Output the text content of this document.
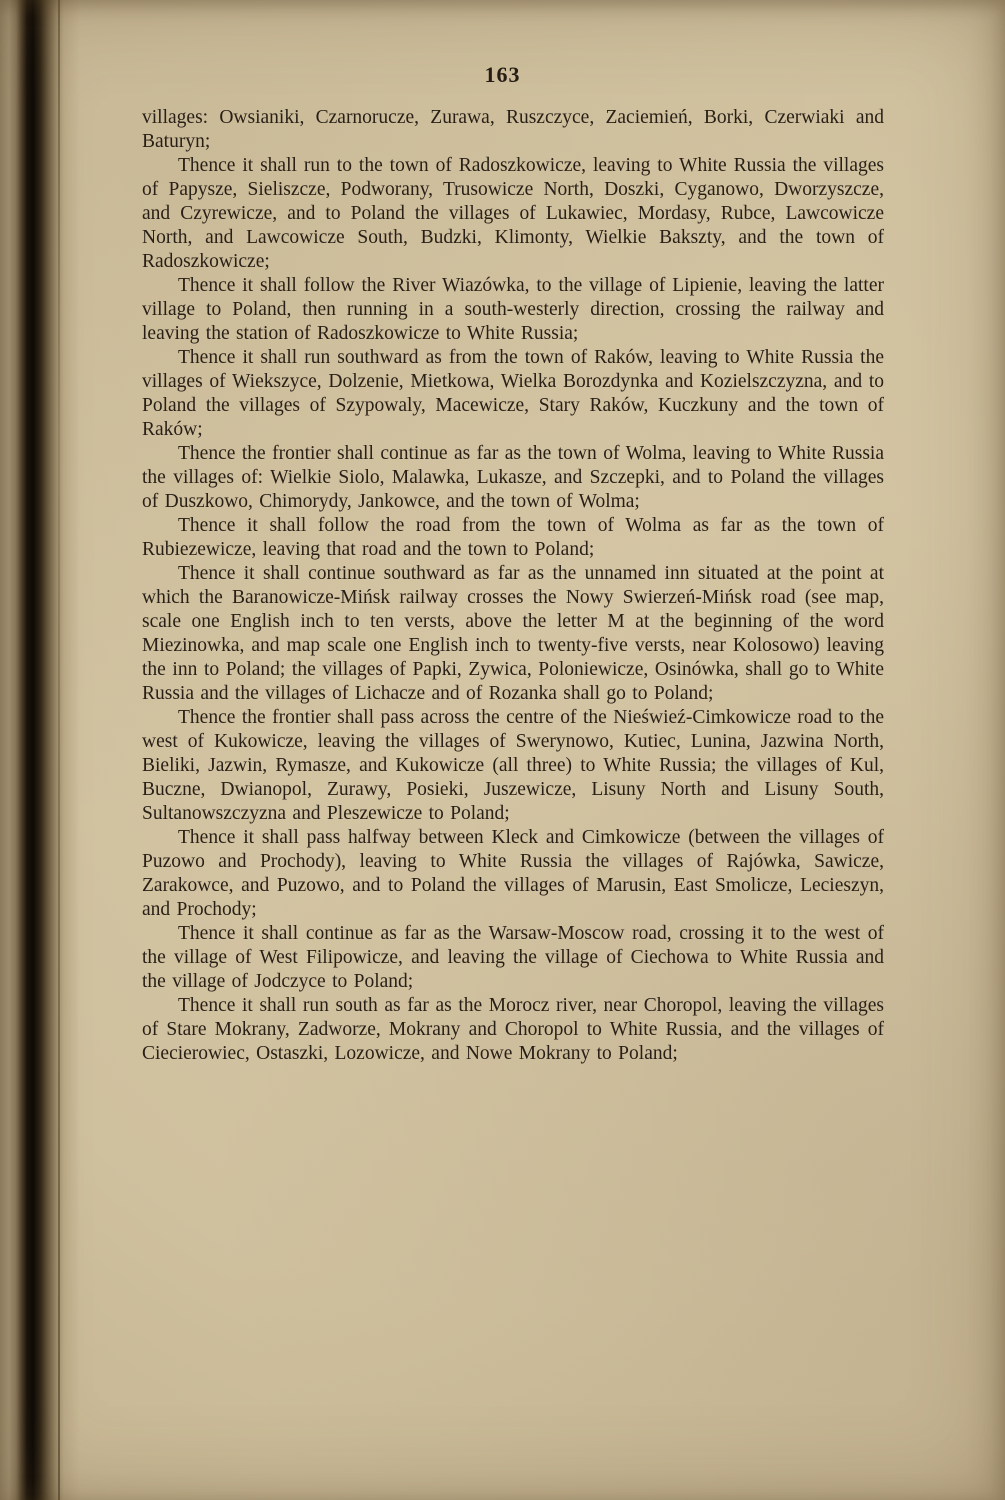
163

villages: Owsianiki, Czarnorucze, Zurawa, Ruszczyce, Zaciemień, Borki, Czerwiaki and Baturyn;

Thence it shall run to the town of Radoszkowicze, leaving to White Russia the villages of Papysze, Sieliszcze, Podworany, Trusowicze North, Doszki, Cyganowo, Dworzyszcze, and Czyrewicze, and to Poland the villages of Lukawiec, Mordasy, Rubce, Lawcowicze North, and Lawcowicze South, Budzki, Klimonty, Wielkie Bakszty, and the town of Radoszkowicze;

Thence it shall follow the River Wiazówka, to the village of Lipienie, leaving the latter village to Poland, then running in a south-westerly direction, crossing the railway and leaving the station of Radoszkowicze to White Russia;

Thence it shall run southward as from the town of Raków, leaving to White Russia the villages of Wiekszyce, Dolzenie, Mietkowa, Wielka Borozdynka and Kozielszczyzna, and to Poland the villages of Szypowaly, Macewicze, Stary Raków, Kuczkuny and the town of Raków;

Thence the frontier shall continue as far as the town of Wolma, leaving to White Russia the villages of: Wielkie Siolo, Malawka, Lukasze, and Szczepki, and to Poland the villages of Duszkowo, Chimorydy, Jankowce, and the town of Wolma;

Thence it shall follow the road from the town of Wolma as far as the town of Rubiezewicze, leaving that road and the town to Poland;

Thence it shall continue southward as far as the unnamed inn situated at the point at which the Baranowicze-Mińsk railway crosses the Nowy Swierzeń-Mińsk road (see map, scale one English inch to ten versts, above the letter M at the beginning of the word Miezinowka, and map scale one English inch to twenty-five versts, near Kolosowo) leaving the inn to Poland; the villages of Papki, Zywica, Poloniewicze, Osinówka, shall go to White Russia and the villages of Lichacze and of Rozanka shall go to Poland;

Thence the frontier shall pass across the centre of the Nieświeź-Cimkowicze road to the west of Kukowicze, leaving the villages of Swerynowo, Kutiec, Lunina, Jazwina North, Bieliki, Jazwin, Rymasze, and Kukowicze (all three) to White Russia; the villages of Kul, Buczne, Dwianopol, Zurawy, Posieki, Juszewicze, Lisuny North and Lisuny South, Sultanowszczyzna and Pleszewicze to Poland;

Thence it shall pass halfway between Kleck and Cimkowicze (between the villages of Puzowo and Prochody), leaving to White Russia the villages of Rajówka, Sawicze, Zarakowce, and Puzowo, and to Poland the villages of Marusin, East Smolicze, Lecieszyn, and Prochody;

Thence it shall continue as far as the Warsaw-Moscow road, crossing it to the west of the village of West Filipowicze, and leaving the village of Ciechowa to White Russia and the village of Jodczyce to Poland;

Thence it shall run south as far as the Morocz river, near Choropol, leaving the villages of Stare Mokrany, Zadworze, Mokrany and Choropol to White Russia, and the villages of Ciecierowiec, Ostaszki, Lozowicze, and Nowe Mokrany to Poland;
